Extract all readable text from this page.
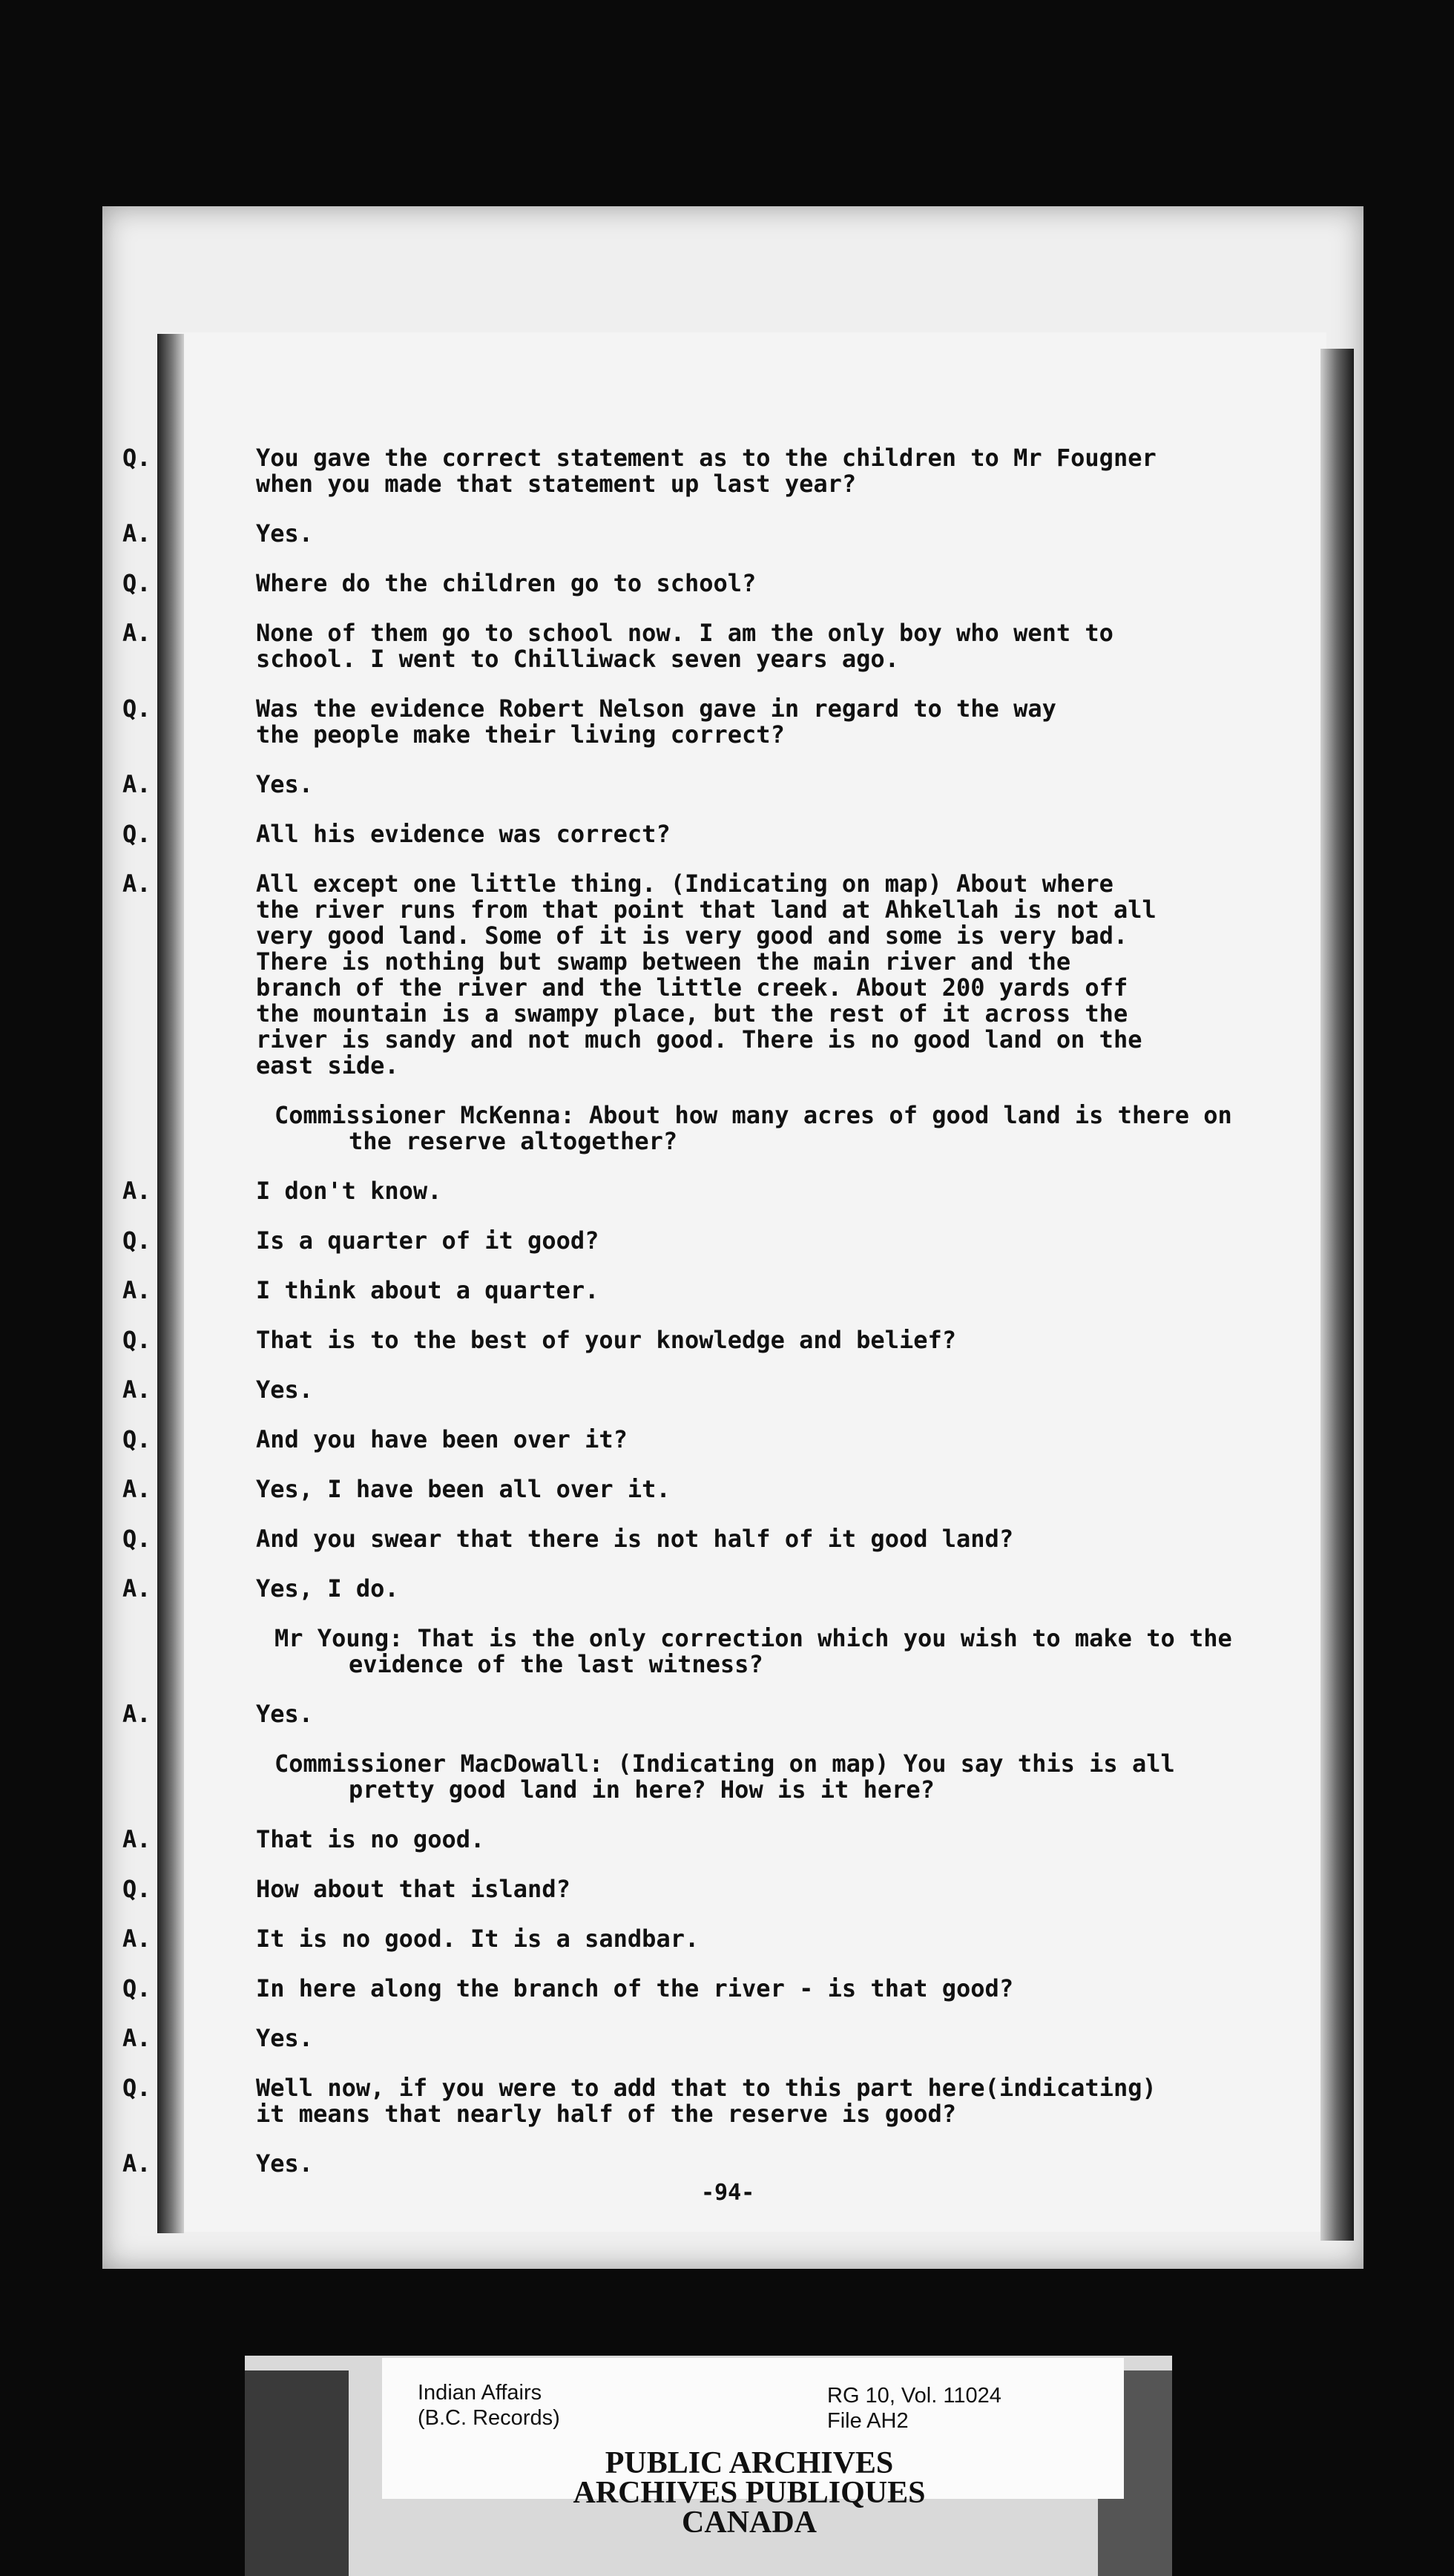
Q.	You gave the correct statement as to the children to Mr Fougner
when you made that statement up last year?
A.	Yes.
Q.	Where do the children go to school?
A.	None of them go to school now. I am the only boy who went to
school. I went to Chilliwack seven years ago.
Q.	Was the evidence Robert Nelson gave in regard to the way
the people make their living correct?
A.	Yes.
Q.	All his evidence was correct?
A.	All except one little thing. (Indicating on map) About where
the river runs from that point that land at Ahkellah is not all
very good land. Some of it is very good and some is very bad.
There is nothing but swamp between the main river and the
branch of the river and the little creek. About 200 yards off
the mountain is a swampy place, but the rest of it across the
river is sandy and not much good. There is no good land on the
east side.
Commissioner McKenna: About how many acres of good land is there on
the reserve altogether?
A.	I don't know.
Q.	Is a quarter of it good?
A.	I think about a quarter.
Q.	That is to the best of your knowledge and belief?
A.	Yes.
Q.	And you have been over it?
A.	Yes, I have been all over it.
Q.	And you swear that there is not half of it good land?
A.	Yes, I do.
Mr Young: That is the only correction which you wish to make to the
evidence of the last witness?
A.	Yes.
Commissioner MacDowall: (Indicating on map) You say this is all
pretty good land in here? How is it here?
A.	That is no good.
Q.	How about that island?
A.	It is no good. It is a sandbar.
Q.	In here along the branch of the river - is that good?
A.	Yes.
Q.	Well now, if you were to add that to this part here(indicating)
it means that nearly half of the reserve is good?
A.	Yes.
-94-
Indian Affairs
(B.C. Records)
RG 10, Vol. 11024
File AH2
PUBLIC ARCHIVES
ARCHIVES PUBLIQUES
CANADA
